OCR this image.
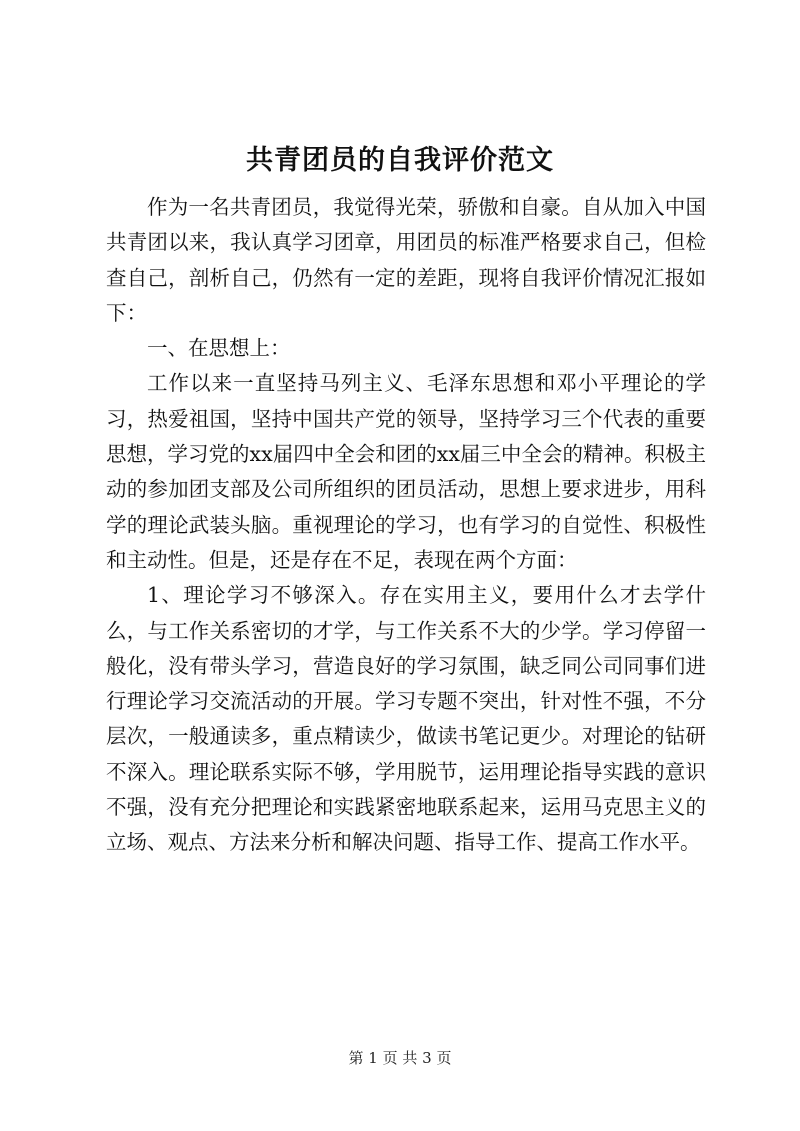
共青团员的自我评价范文

作为一名共青团员，我觉得光荣，骄傲和自豪。自从加入中国共青团以来，我认真学习团章，用团员的标准严格要求自己，但检查自己，剖析自己，仍然有一定的差距，现将自我评价情况汇报如下：

一、在思想上：

工作以来一直坚持马列主义、毛泽东思想和邓小平理论的学习，热爱祖国，坚持中国共产党的领导，坚持学习三个代表的重要思想，学习党的xx届四中全会和团的xx届三中全会的精神。积极主动的参加团支部及公司所组织的团员活动，思想上要求进步，用科学的理论武装头脑。重视理论的学习，也有学习的自觉性、积极性和主动性。但是，还是存在不足，表现在两个方面：

1、理论学习不够深入。存在实用主义，要用什么才去学什么，与工作关系密切的才学，与工作关系不大的少学。学习停留一般化，没有带头学习，营造良好的学习氛围，缺乏同公司同事们进行理论学习交流活动的开展。学习专题不突出，针对性不强，不分层次，一般通读多，重点精读少，做读书笔记更少。对理论的钻研不深入。理论联系实际不够，学用脱节，运用理论指导实践的意识不强，没有充分把理论和实践紧密地联系起来，运用马克思主义的立场、观点、方法来分析和解决问题、指导工作、提高工作水平。

第 1 页 共 3 页
